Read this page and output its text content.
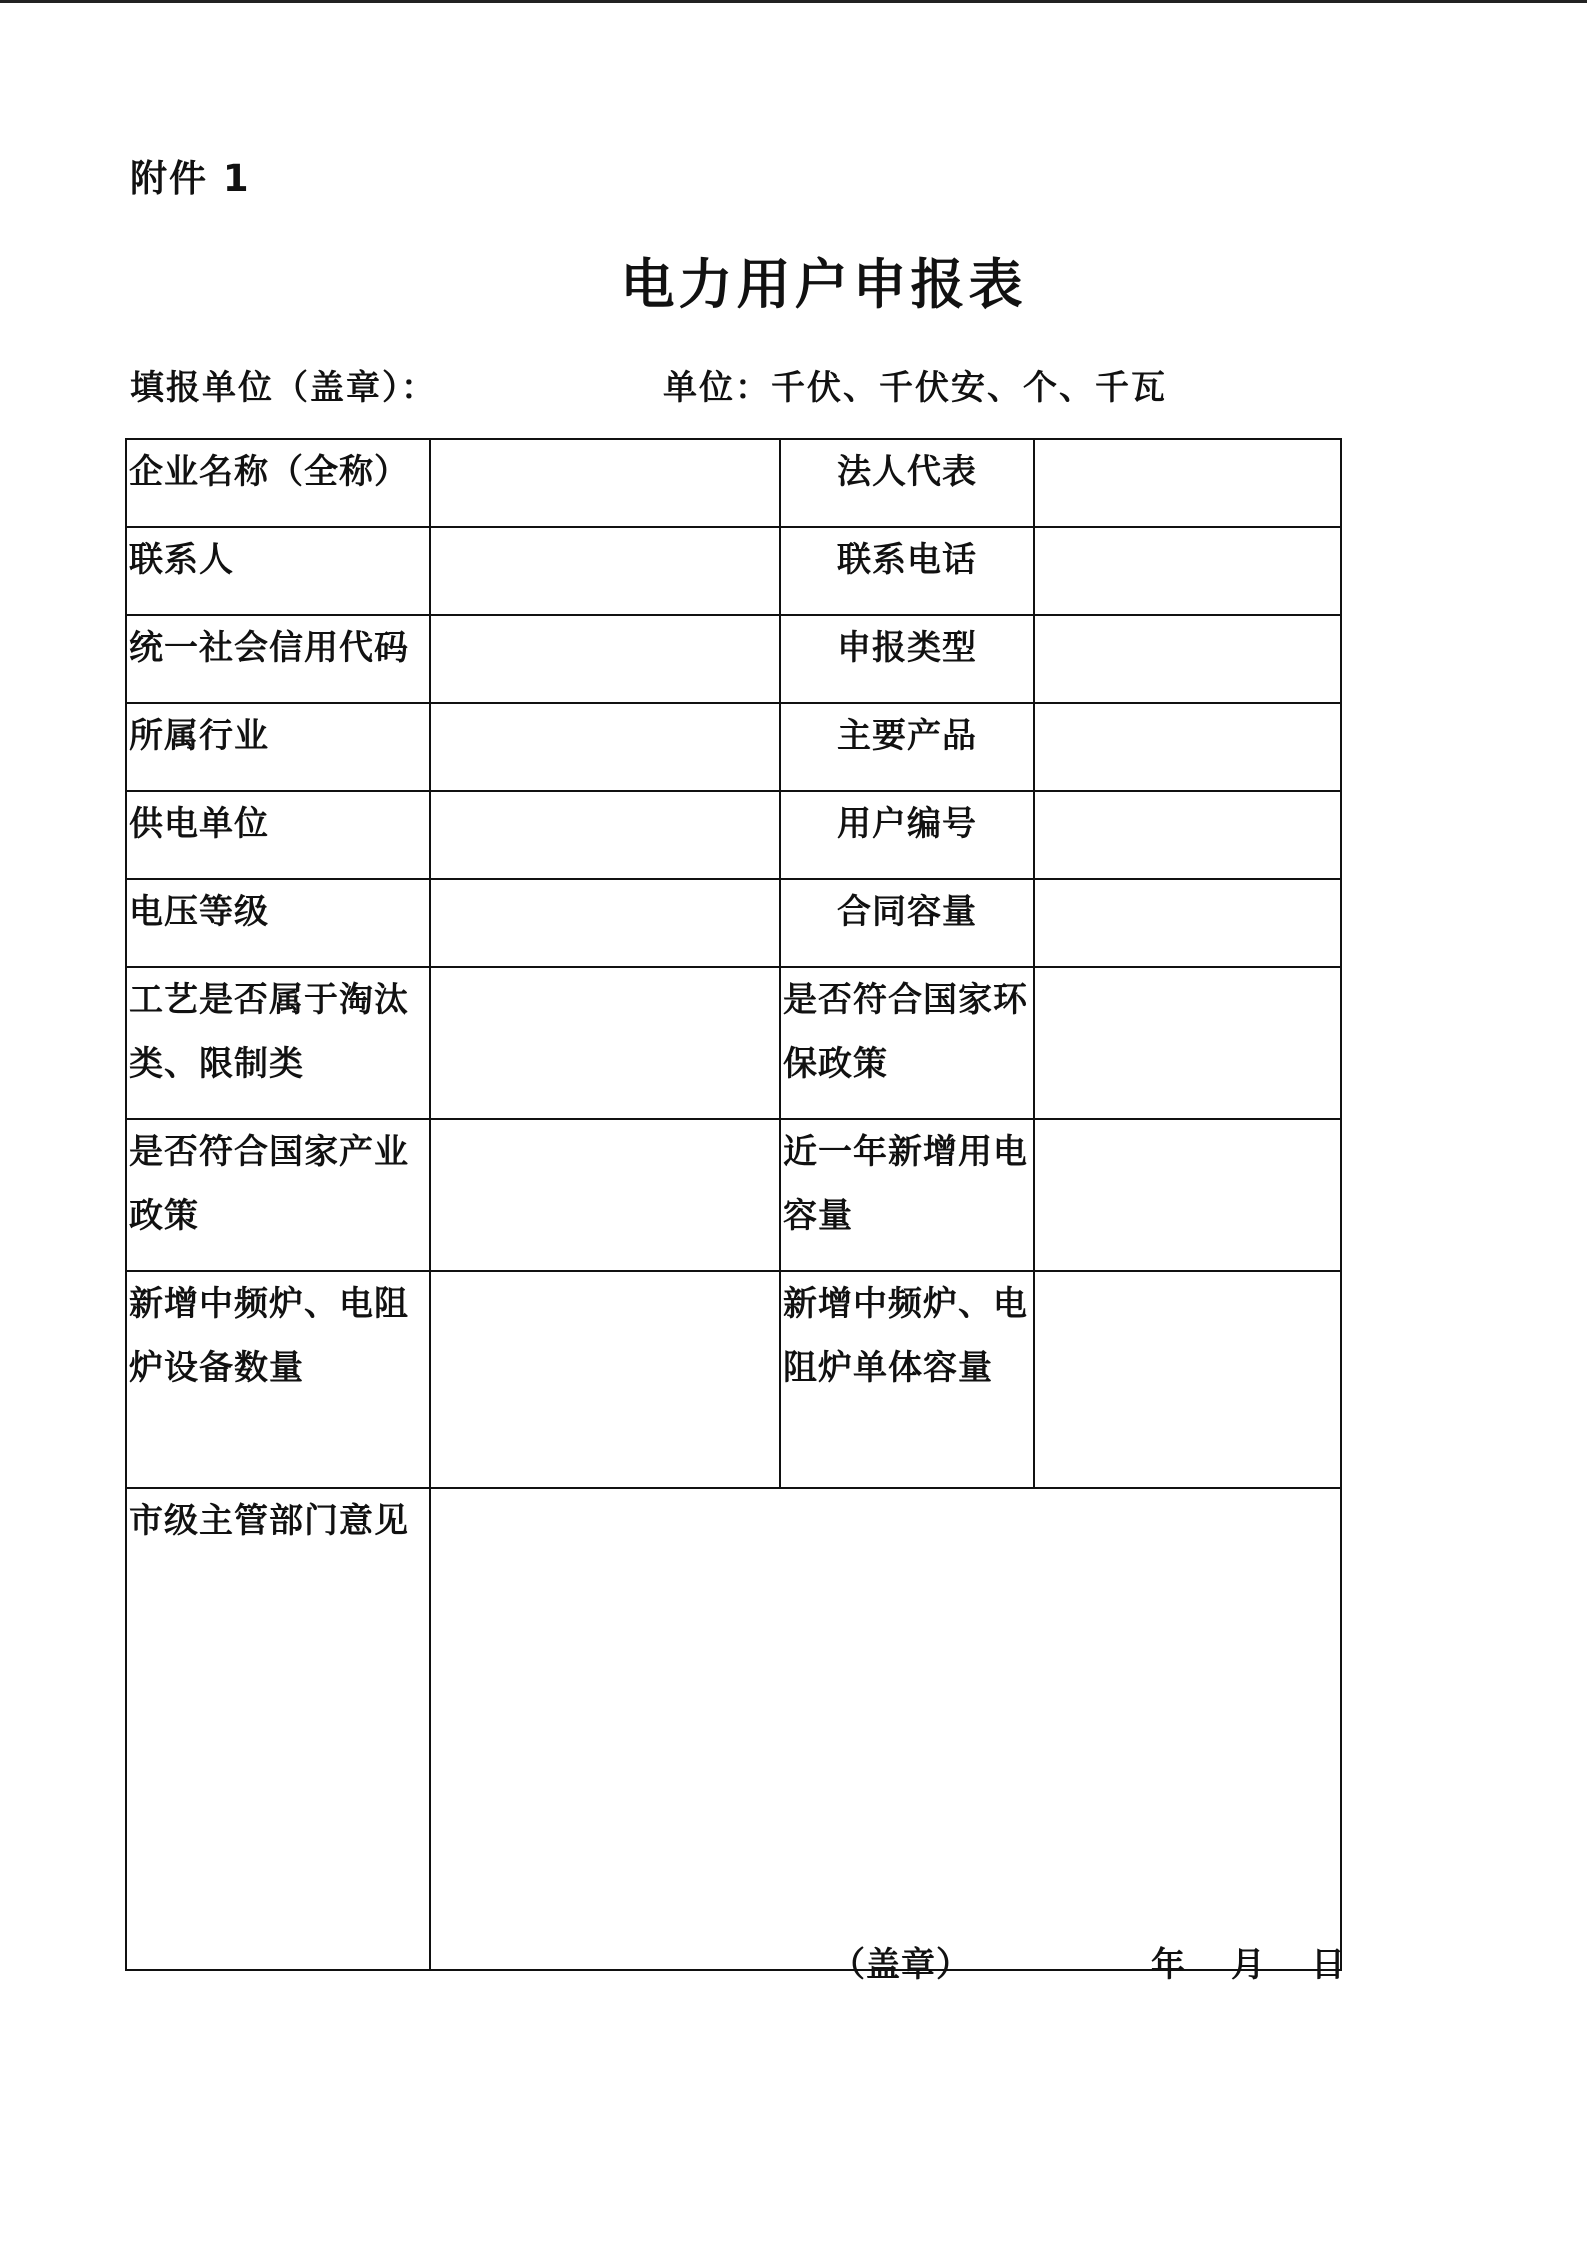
附件 1
电力用户申报表
填报单位（盖章）：	单位：千伏、千伏安、个、千瓦
企业名称（全称）		法人代表	
联系人		联系电话	
统一社会信用代码		申报类型	
所属行业		主要产品	
供电单位		用户编号	
电压等级		合同容量	
工艺是否属于淘汰类、限制类		是否符合国家环保政策	
是否符合国家产业政策		近一年新增用电容量	
新增中频炉、电阻炉设备数量		新增中频炉、电阻炉单体容量	
市级主管部门意见	（盖章） 年 月 日		
